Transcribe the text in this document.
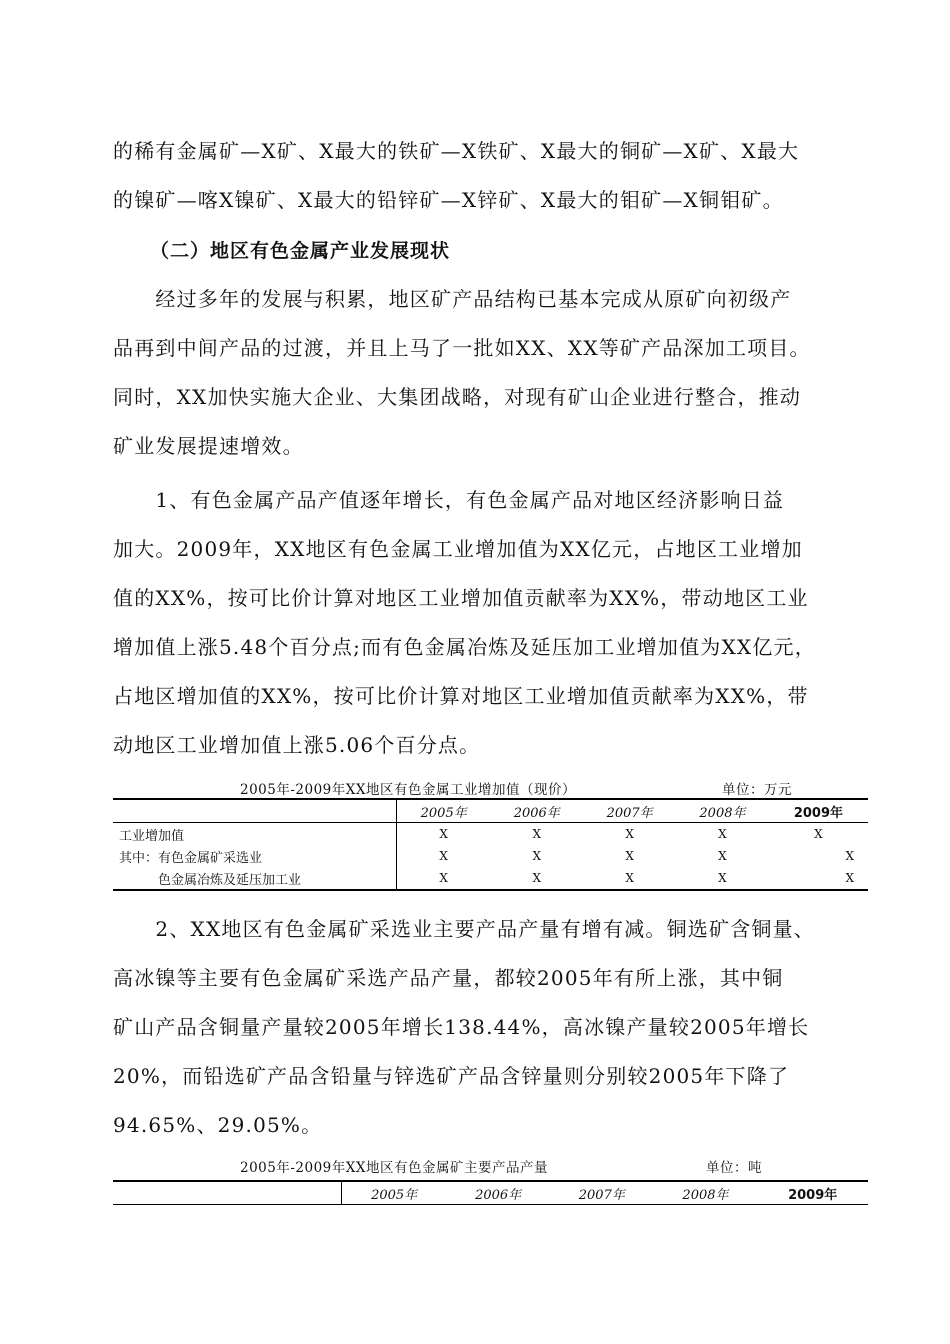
的稀有金属矿—X矿、X最大的铁矿—X铁矿、X最大的铜矿—X矿、X最大

的镍矿—喀X镍矿、X最大的铅锌矿—X锌矿、X最大的钼矿—X铜钼矿。

（二）地区有色金属产业发展现状

　　经过多年的发展与积累，地区矿产品结构已基本完成从原矿向初级产

品再到中间产品的过渡，并且上马了一批如XX、XX等矿产品深加工项目。

同时，XX加快实施大企业、大集团战略，对现有矿山企业进行整合，推动

矿业发展提速增效。

　　1、有色金属产品产值逐年增长，有色金属产品对地区经济影响日益

加大。2009年，XX地区有色金属工业增加值为XX亿元，占地区工业增加

值的XX%，按可比价计算对地区工业增加值贡献率为XX%，带动地区工业

增加值上涨5.48个百分点;而有色金属冶炼及延压加工业增加值为XX亿元，

占地区增加值的XX%，按可比价计算对地区工业增加值贡献率为XX%，带

动地区工业增加值上涨5.06个百分点。

2005年-2009年XX地区有色金属工业增加值（现价）	单位：万元
	2005年	2006年	2007年	2008年	2009年
工业增加值	X	X	X	X	X
其中：有色金属矿采选业	X	X	X	X	X
　　　色金属冶炼及延压加工业	X	X	X	X	X

　　2、XX地区有色金属矿采选业主要产品产量有增有减。铜选矿含铜量、

高冰镍等主要有色金属矿采选产品产量，都较2005年有所上涨，其中铜

矿山产品含铜量产量较2005年增长138.44%，高冰镍产量较2005年增长

20%，而铅选矿产品含铅量与锌选矿产品含锌量则分别较2005年下降了

94.65%、29.05%。

2005年-2009年XX地区有色金属矿主要产品产量	单位：吨
	2005年	2006年	2007年	2008年	2009年
